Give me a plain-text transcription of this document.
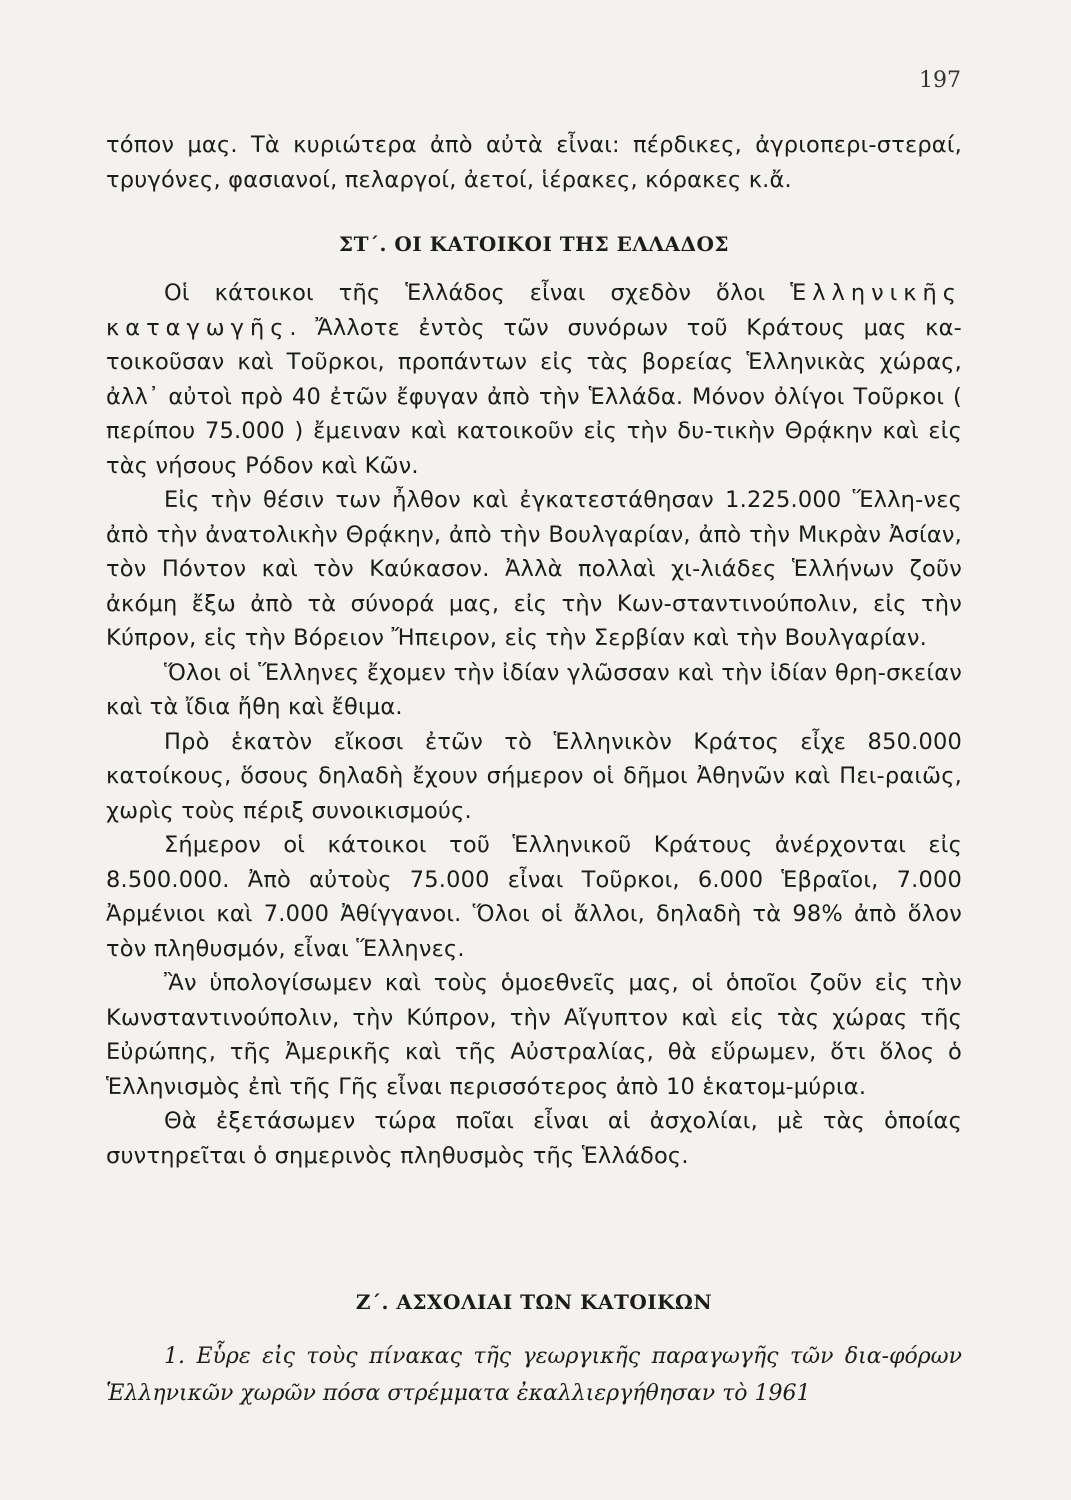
197

τόπον μας. Τὰ κυριώτερα ἀπὸ αὐτὰ εἶναι: πέρδικες, ἀγριοπερι-στεραί, τρυγόνες, φασιανοί, πελαργοί, ἀετοί, ἱέρακες, κόρακες κ.ἄ.

ΣΤ΄. ΟΙ ΚΑΤΟΙΚΟΙ ΤΗΣ ΕΛΛΑΔΟΣ

Οἱ κάτοικοι τῆς Ἑλλάδος εἶναι σχεδὸν ὅλοι Ἑλληνικῆς καταγωγῆς. Ἄλλοτε ἐντὸς τῶν συνόρων τοῦ Κράτους μας κα-τοικοῦσαν καὶ Τοῦρκοι, προπάντων εἰς τὰς βορείας Ἑλληνικὰς χώρας, ἀλλ᾽ αὐτοὶ πρὸ 40 ἐτῶν ἔφυγαν ἀπὸ τὴν Ἑλλάδα. Μόνον ὀλίγοι Τοῦρκοι ( περίπου 75.000 ) ἔμειναν καὶ κατοικοῦν εἰς τὴν δυ-τικὴν Θρᾴκην καὶ εἰς τὰς νήσους Ρόδον καὶ Κῶν.

Εἰς τὴν θέσιν των ἦλθον καὶ ἐγκατεστάθησαν 1.225.000 Ἕλλη-νες ἀπὸ τὴν ἀνατολικὴν Θρᾴκην, ἀπὸ τὴν Βουλγαρίαν, ἀπὸ τὴν Μικρὰν Ἀσίαν, τὸν Πόντον καὶ τὸν Καύκασον. Ἀλλὰ πολλαὶ χι-λιάδες Ἑλλήνων ζοῦν ἀκόμη ἔξω ἀπὸ τὰ σύνορά μας, εἰς τὴν Κων-σταντινούπολιν, εἰς τὴν Κύπρον, εἰς τὴν Βόρειον Ἤπειρον, εἰς τὴν Σερβίαν καὶ τὴν Βουλγαρίαν.

Ὅλοι οἱ Ἕλληνες ἔχομεν τὴν ἰδίαν γλῶσσαν καὶ τὴν ἰδίαν θρη-σκείαν καὶ τὰ ἴδια ἤθη καὶ ἔθιμα.

Πρὸ ἑκατὸν εἴκοσι ἐτῶν τὸ Ἑλληνικὸν Κράτος εἶχε 850.000 κατοίκους, ὅσους δηλαδὴ ἔχουν σήμερον οἱ δῆμοι Ἀθηνῶν καὶ Πει-ραιῶς, χωρὶς τοὺς πέριξ συνοικισμούς.

Σήμερον οἱ κάτοικοι τοῦ Ἑλληνικοῦ Κράτους ἀνέρχονται εἰς 8.500.000. Ἀπὸ αὐτοὺς 75.000 εἶναι Τοῦρκοι, 6.000 Ἑβραῖοι, 7.000 Ἀρμένιοι καὶ 7.000 Ἀθίγγανοι. Ὅλοι οἱ ἄλλοι, δηλαδὴ τὰ 98% ἀπὸ ὅλον τὸν πληθυσμόν, εἶναι Ἕλληνες.

Ἂν ὑπολογίσωμεν καὶ τοὺς ὁμοεθνεῖς μας, οἱ ὁποῖοι ζοῦν εἰς τὴν Κωνσταντινούπολιν, τὴν Κύπρον, τὴν Αἴγυπτον καὶ εἰς τὰς χώρας τῆς Εὐρώπης, τῆς Ἀμερικῆς καὶ τῆς Αὐστραλίας, θὰ εὕρωμεν, ὅτι ὅλος ὁ Ἑλληνισμὸς ἐπὶ τῆς Γῆς εἶναι περισσότερος ἀπὸ 10 ἑκατομ-μύρια.

Θὰ ἐξετάσωμεν τώρα ποῖαι εἶναι αἱ ἀσχολίαι, μὲ τὰς ὁποίας συντηρεῖται ὁ σημερινὸς πληθυσμὸς τῆς Ἑλλάδος.

Ζ΄. ΑΣΧΟΛΙΑΙ ΤΩΝ ΚΑΤΟΙΚΩΝ

1. Εὗρε εἰς τοὺς πίνακας τῆς γεωργικῆς παραγωγῆς τῶν δια-φόρων Ἑλληνικῶν χωρῶν πόσα στρέμματα ἐκαλλιεργήθησαν τὸ 1961
